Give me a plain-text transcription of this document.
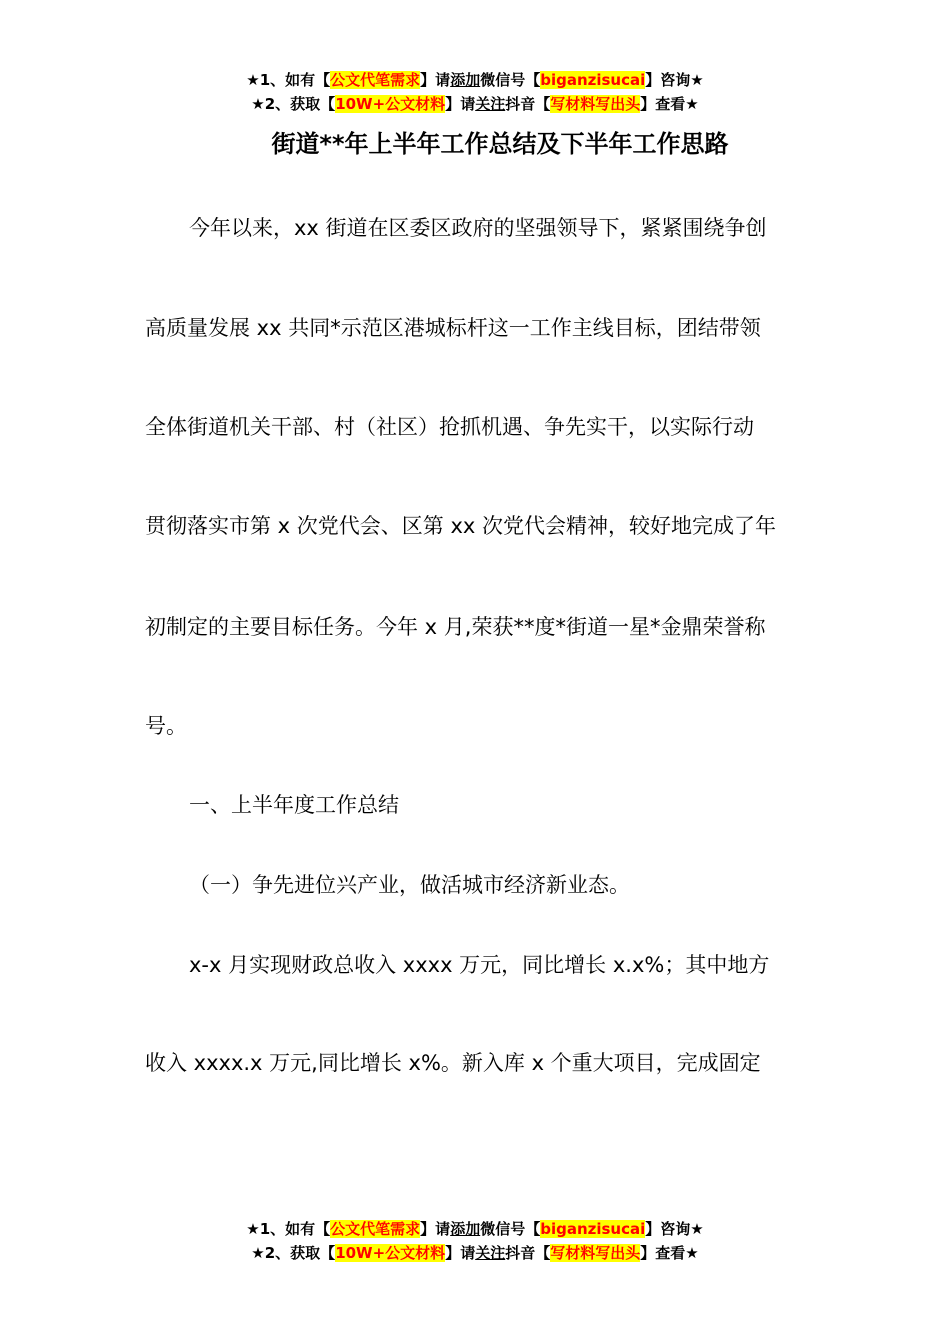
★1、如有【公文代笔需求】请添加微信号【biganzisucai】咨询★
★2、获取【10W+公文材料】请关注抖音【写材料写出头】查看★
街道**年上半年工作总结及下半年工作思路
今年以来，xx 街道在区委区政府的坚强领导下，紧紧围绕争创
高质量发展 xx 共同*示范区港城标杆这一工作主线目标，团结带领
全体街道机关干部、村（社区）抢抓机遇、争先实干，以实际行动
贯彻落实市第 x 次党代会、区第 xx 次党代会精神，较好地完成了年
初制定的主要目标任务。今年 x 月,荣获**度*街道一星*金鼎荣誉称
号。
一、上半年度工作总结
（一）争先进位兴产业，做活城市经济新业态。
x-x 月实现财政总收入 xxxx 万元，同比增长 x.x%；其中地方
收入 xxxx.x 万元,同比增长 x%。新入库 x 个重大项目，完成固定
★1、如有【公文代笔需求】请添加微信号【biganzisucai】咨询★
★2、获取【10W+公文材料】请关注抖音【写材料写出头】查看★
